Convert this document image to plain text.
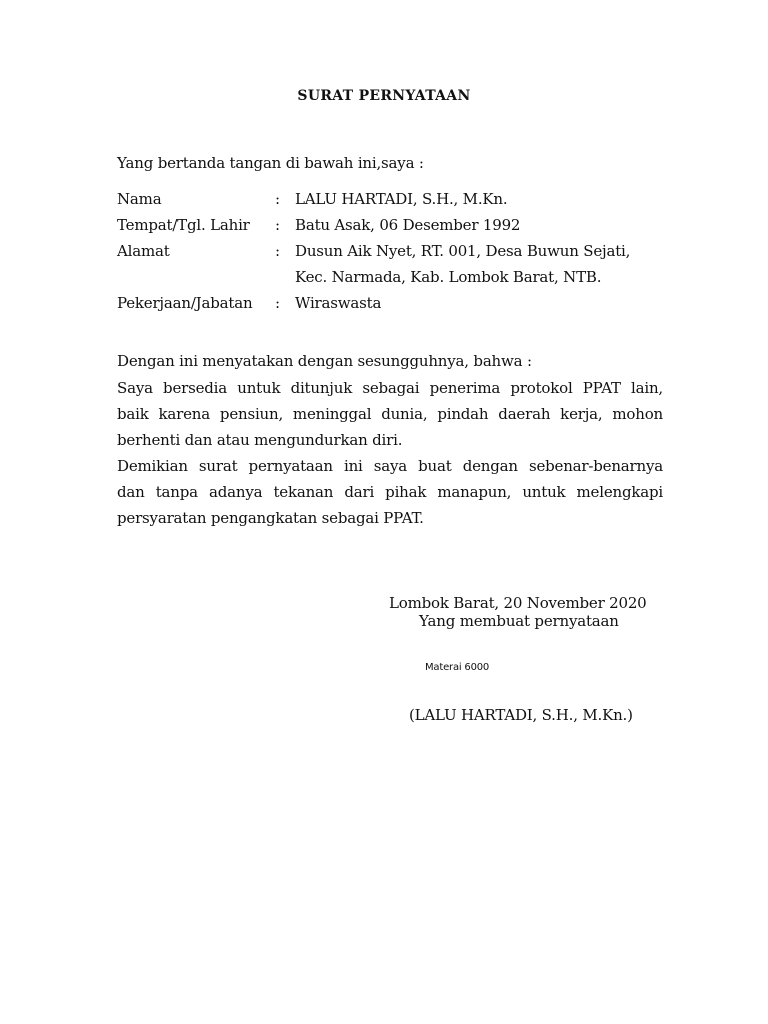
SURAT PERNYATAAN
Yang bertanda tangan di bawah ini,saya :
Nama	: LALU HARTADI, S.H., M.Kn.
Tempat/Tgl. Lahir : Batu Asak, 06 Desember 1992
Alamat	: Dusun Aik Nyet, RT. 001, Desa Buwun Sejati,
Kec. Narmada, Kab. Lombok Barat, NTB.
Pekerjaan/Jabatan : Wiraswasta
Dengan ini menyatakan dengan sesungguhnya, bahwa :
Saya bersedia untuk ditunjuk sebagai penerima protokol PPAT lain,
baik karena pensiun, meninggal dunia, pindah daerah kerja, mohon
berhenti dan atau mengundurkan diri.
Demikian surat pernyataan ini saya buat dengan sebenar-benarnya
dan tanpa adanya tekanan dari pihak manapun, untuk melengkapi
persyaratan pengangkatan sebagai PPAT.
Lombok Barat, 20 November 2020
Yang membuat pernyataan
Materai 6000
(LALU HARTADI, S.H., M.Kn.)
